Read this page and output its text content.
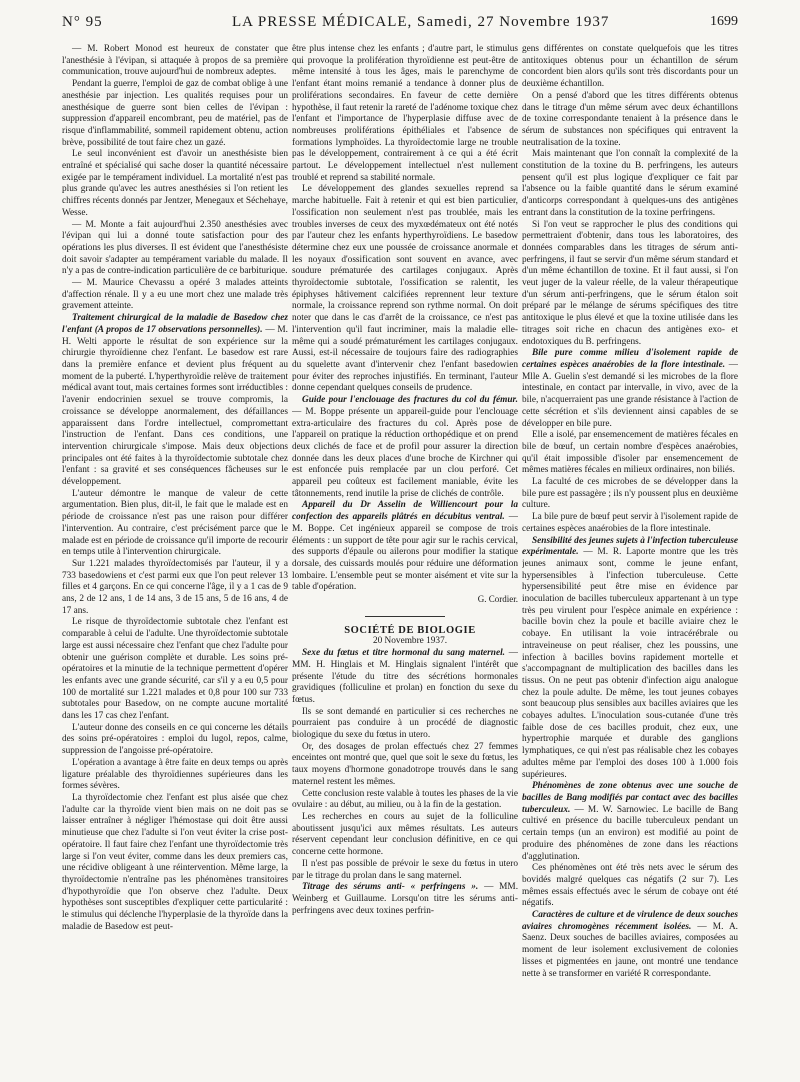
N° 95	LA PRESSE MÉDICALE, Samedi, 27 Novembre 1937	1699

— M. Robert Monod est heureux de constater que l'anesthésie à l'évipan, si attaquée à propos de sa première communication, trouve aujourd'hui de nombreux adeptes.

Pendant la guerre, l'emploi de gaz de combat oblige à une anesthésie par injection. Les qualités requises pour un anesthésique de guerre sont bien celles de l'évipan : suppression d'appareil encombrant, peu de matériel, pas de risque d'inflammabilité, sommeil rapidement obtenu, action brève, possibilité de tout faire chez un gazé.

Le seul inconvénient est d'avoir un anesthésiste bien entraîné et spécialisé qui sache doser la quantité nécessaire exigée par le tempérament individuel. La mortalité n'est pas plus grande qu'avec les autres anesthésies si l'on retient les chiffres récents donnés par Jentzer, Menegaux et Séchehaye, Wesse.

— M. Monte a fait aujourd'hui 2.350 anesthésies avec l'évipan qui lui a donné toute satisfaction pour des opérations les plus diverses. Il est évident que l'anesthésiste doit savoir s'adapter au tempérament variable du malade. Il n'y a pas de contre-indication particulière de ce barbiturique.

— M. Maurice Chevassu a opéré 3 malades atteints d'affection rénale. Il y a eu une mort chez une malade très gravement atteinte.

Traitement chirurgical de la maladie de Basedow chez l'enfant (A propos de 17 observations personnelles). — M. H. Welti apporte le résultat de son expérience sur la chirurgie thyroïdienne chez l'enfant. Le basedow est rare dans la première enfance et devient plus fréquent au moment de la puberté. L'hyperthyroïdie relève de traitement médical avant tout, mais certaines formes sont irréductibles : l'avenir endocrinien sexuel se trouve compromis, la croissance se développe anormalement, des défaillances apparaissent dans l'ordre intellectuel, compromettant l'instruction de l'enfant. Dans ces conditions, une intervention chirurgicale s'impose. Mais deux objections principales ont été faites à la thyroïdectomie subtotale chez l'enfant : sa gravité et ses conséquences fâcheuses sur le développement.

L'auteur démontre le manque de valeur de cette argumentation. Bien plus, dit-il, le fait que le malade est en période de croissance n'est pas une raison pour différer l'intervention. Au contraire, c'est précisément parce que le malade est en période de croissance qu'il importe de recourir en temps utile à l'intervention chirurgicale.

Sur 1.221 malades thyroïdectomisés par l'auteur, il y a 733 basedowiens et c'est parmi eux que l'on peut relever 13 filles et 4 garçons. En ce qui concerne l'âge, il y a 1 cas de 9 ans, 2 de 12 ans, 1 de 14 ans, 3 de 15 ans, 5 de 16 ans, 4 de 17 ans.

Le risque de thyroïdectomie subtotale chez l'enfant est comparable à celui de l'adulte. Une thyroïdectomie subtotale large est aussi nécessaire chez l'enfant que chez l'adulte pour obtenir une guérison complète et durable. Les soins pré-opératoires et la minutie de la technique permettent d'opérer les enfants avec une grande sécurité, car s'il y a eu 0,5 pour 100 de mortalité sur 1.221 malades et 0,8 pour 100 sur 733 subtotales pour Basedow, on ne compte aucune mortalité dans les 17 cas chez l'enfant.

L'auteur donne des conseils en ce qui concerne les détails des soins pré-opératoires : emploi du lugol, repos, calme, suppression de l'angoisse pré-opératoire.

L'opération a avantage à être faite en deux temps ou après ligature préalable des thyroïdiennes supérieures dans les formes sévères.

La thyroïdectomie chez l'enfant est plus aisée que chez l'adulte car la thyroïde vient bien mais on ne doit pas se laisser entraîner à négliger l'hémostase qui doit être aussi minutieuse que chez l'adulte si l'on veut éviter la crise post-opératoire. Il faut faire chez l'enfant une thyroïdectomie très large si l'on veut éviter, comme dans les deux premiers cas, une récidive obligeant à une réintervention. Même large, la thyroïdectomie n'entraîne pas les phénomènes transitoires d'hypothyroïdie que l'on observe chez l'adulte. Deux hypothèses sont susceptibles d'expliquer cette particularité : le stimulus qui déclenche l'hyperplasie de la thyroïde dans la maladie de Basedow est peut-

être plus intense chez les enfants ; d'autre part, le stimulus qui provoque la prolifération thyroïdienne est peut-être de même intensité à tous les âges, mais le parenchyme de l'enfant étant moins remanié a tendance à donner plus de proliférations secondaires. En faveur de cette dernière hypothèse, il faut retenir la rareté de l'adénome toxique chez l'enfant et l'importance de l'hyperplasie diffuse avec de nombreuses proliférations épithéliales et l'absence de formations lymphoïdes. La thyroïdectomie large ne trouble pas le développement, contrairement à ce qui a été écrit partout. Le développement intellectuel n'est nullement troublé et reprend sa stabilité normale.

Le développement des glandes sexuelles reprend sa marche habituelle. Fait à retenir et qui est bien particulier, l'ossification non seulement n'est pas troublée, mais les troubles inverses de ceux des myxœdémateux ont été notés par l'auteur chez les enfants hyperthyroïdiens. Le basedow détermine chez eux une poussée de croissance anormale et les noyaux d'ossification sont souvent en avance, avec soudure prématurée des cartilages conjugaux. Après thyroïdectomie subtotale, l'ossification se ralentit, les épiphyses hâtivement calcifiées reprennent leur texture normale, la croissance reprend son rythme normal. On doit noter que dans le cas d'arrêt de la croissance, ce n'est pas l'intervention qu'il faut incriminer, mais la maladie elle-même qui a soudé prématurément les cartilages conjugaux. Aussi, est-il nécessaire de toujours faire des radiographies du squelette avant d'intervenir chez l'enfant basedowien pour éviter des reproches injustifiés. En terminant, l'auteur donne cependant quelques conseils de prudence.

Guide pour l'enclouage des fractures du col du fémur. — M. Boppe présente un appareil-guide pour l'enclouage extra-articulaire des fractures du col. Après pose de l'appareil on pratique la réduction orthopédique et on prend deux clichés de face et de profil pour assurer la direction donnée dans les deux places d'une broche de Kirchner qui est enfoncée puis remplacée par un clou perforé. Cet appareil peu coûteux est facilement maniable, évite les tâtonnements, rend inutile la prise de clichés de contrôle.

Appareil du Dr Asselin de Williencourt pour la confection des appareils plâtrés en décubitus ventral. — M. Boppe. Cet ingénieux appareil se compose de trois éléments : un support de tête pour agir sur le rachis cervical, des supports d'épaule ou ailerons pour modifier la statique dorsale, des cuissards moulés pour réduire une déformation lombaire. L'ensemble peut se monter aisément et vite sur la table d'opération.

G. Cordier.

SOCIÉTÉ DE BIOLOGIE

20 Novembre 1937.

Sexe du fœtus et titre hormonal du sang maternel. — MM. H. Hinglais et M. Hinglais signalent l'intérêt que présente l'étude du titre des sécrétions hormonales gravidiques (folliculine et prolan) en fonction du sexe du fœtus.

Ils se sont demandé en particulier si ces recherches ne pourraient pas conduire à un procédé de diagnostic biologique du sexe du fœtus in utero.

Or, des dosages de prolan effectués chez 27 femmes enceintes ont montré que, quel que soit le sexe du fœtus, les taux moyens d'hormone gonadotrope trouvés dans le sang maternel restent les mêmes.

Cette conclusion reste valable à toutes les phases de la vie ovulaire : au début, au milieu, ou à la fin de la gestation.

Les recherches en cours au sujet de la folliculine aboutissent jusqu'ici aux mêmes résultats. Les auteurs réservent cependant leur conclusion définitive, en ce qui concerne cette hormone.

Il n'est pas possible de prévoir le sexe du fœtus in utero par le titrage du prolan dans le sang maternel.

Titrage des sérums anti- « perfringens ». — MM. Weinberg et Guillaume. Lorsqu'on titre les sérums anti-perfringens avec deux toxines perfrin-

gens différentes on constate quelquefois que les titres antitoxiques obtenus pour un échantillon de sérum concordent bien alors qu'ils sont très discordants pour un deuxième échantillon.

On a pensé d'abord que les titres différents obtenus dans le titrage d'un même sérum avec deux échantillons de toxine correspondante tenaient à la présence dans le sérum de substances non spécifiques qui entravent la neutralisation de la toxine.

Mais maintenant que l'on connaît la complexité de la constitution de la toxine du B. perfringens, les auteurs pensent qu'il est plus logique d'expliquer ce fait par l'absence ou la faible quantité dans le sérum examiné d'anticorps correspondant à quelques-uns des antigènes entrant dans la constitution de la toxine perfringens.

Si l'on veut se rapprocher le plus des conditions qui permettraient d'obtenir, dans tous les laboratoires, des données comparables dans les titrages de sérum anti-perfringens, il faut se servir d'un même sérum standard et d'un même échantillon de toxine. Et il faut aussi, si l'on veut juger de la valeur réelle, de la valeur thérapeutique d'un sérum anti-perfringens, que le sérum étalon soit préparé par le mélange de sérums spécifiques des titre antitoxique le plus élevé et que la toxine utilisée dans les titrages soit riche en chacun des antigènes exo- et endotoxiques du B. perfringens.

Bile pure comme milieu d'isolement rapide de certaines espèces anaérobies de la flore intestinale. — Mlle A. Guelin s'est demandé si les microbes de la flore intestinale, en contact par intervalle, in vivo, avec de la bile, n'acquerraient pas une grande résistance à l'action de cette sécrétion et s'ils deviennent ainsi capables de se développer en bile pure.

Elle a isolé, par ensemencement de matières fécales en bile de bœuf, un certain nombre d'espèces anaérobies, qu'il était impossible d'isoler par ensemencement de mêmes matières fécales en milieux ordinaires, non biliés.

La faculté de ces microbes de se développer dans la bile pure est passagère ; ils n'y poussent plus en deuxième culture.

La bile pure de bœuf peut servir à l'isolement rapide de certaines espèces anaérobies de la flore intestinale.

Sensibilité des jeunes sujets à l'infection tuberculeuse expérimentale. — M. R. Laporte montre que les très jeunes animaux sont, comme le jeune enfant, hypersensibles à l'infection tuberculeuse. Cette hypersensibilité peut être mise en évidence par inoculation de bacilles tuberculeux appartenant à un type très peu virulent pour l'espèce animale en expérience : bacille bovin chez la poule et bacille aviaire chez le cobaye. En utilisant la voie intracérébrale ou intraveineuse on peut réaliser, chez les poussins, une infection à bacilles bovins rapidement mortelle et s'accompagnant de multiplication des bacilles dans les tissus. On ne peut pas obtenir d'infection aigu analogue chez la poule adulte. De même, les tout jeunes cobayes sont beaucoup plus sensibles aux bacilles aviaires que les cobayes adultes. L'inoculation sous-cutanée d'une très faible dose de ces bacilles produit, chez eux, une hypertrophie marquée et durable des ganglions lymphatiques, ce qui n'est pas réalisable chez les cobayes adultes même par l'emploi des doses 100 à 1.000 fois supérieures.

Phénomènes de zone obtenus avec une souche de bacilles de Bang modifiés par contact avec des bacilles tuberculeux. — M. W. Sarnowiec. Le bacille de Bang cultivé en présence du bacille tuberculeux pendant un certain temps (un an environ) est modifié au point de produire des phénomènes de zone dans les réactions d'agglutination.

Ces phénomènes ont été très nets avec le sérum des bovidés malgré quelques cas négatifs (2 sur 7). Les mêmes essais effectués avec le sérum de cobaye ont été négatifs.

Caractères de culture et de virulence de deux souches aviaires chromogènes récemment isolées. — M. A. Saenz. Deux souches de bacilles aviaires, composées au moment de leur isolement exclusivement de colonies lisses et pigmentées en jaune, ont montré une tendance nette à se transformer en variété R correspondante.
